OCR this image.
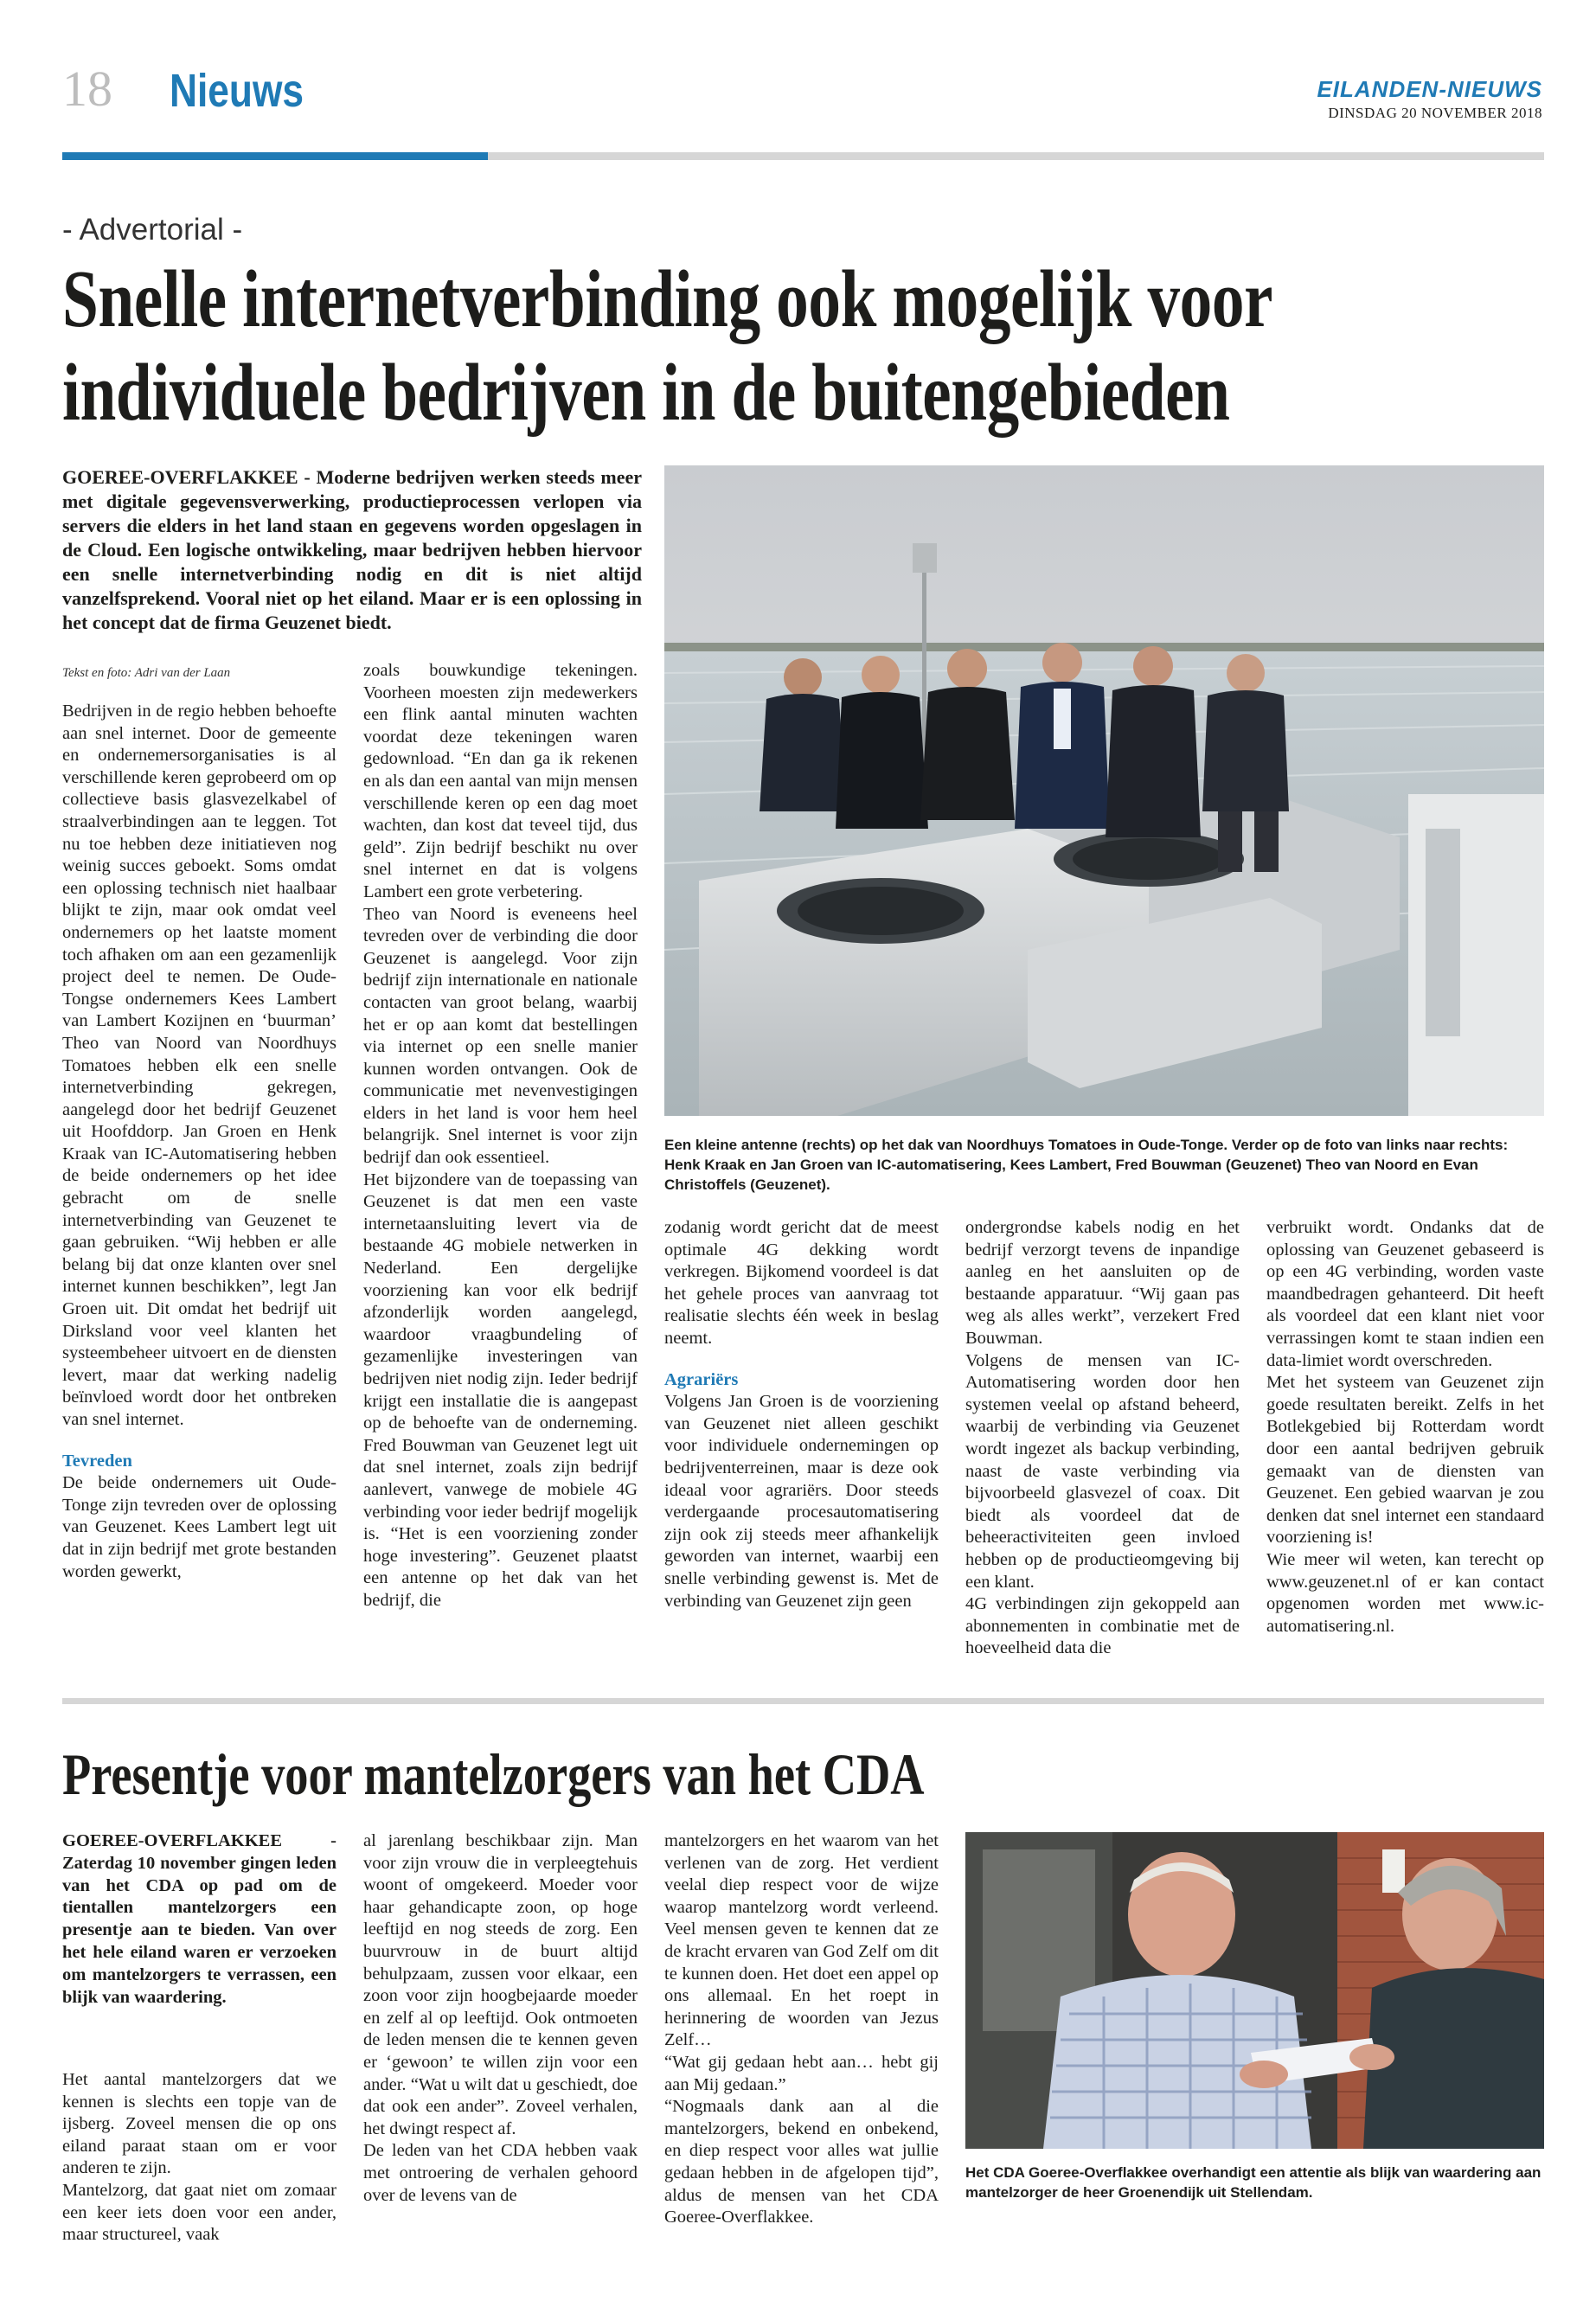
18 Nieuws	EILANDEN-NIEUWS
DINSDAG 20 NOVEMBER 2018
- Advertorial -
Snelle internetverbinding ook mogelijk voor individuele bedrijven in de buitengebieden
GOEREE-OVERFLAKKEE - Moderne bedrijven werken steeds meer met digitale gegevensverwerking, productieprocessen verlopen via servers die elders in het land staan en gegevens worden opgeslagen in de Cloud. Een logische ontwikkeling, maar bedrijven hebben hiervoor een snelle internetverbinding nodig en dit is niet altijd vanzelfsprekend. Vooral niet op het eiland. Maar er is een oplossing in het concept dat de firma Geuzenet biedt.

Tekst en foto: Adri van der Laan

Bedrijven in de regio hebben behoefte aan snel internet. Door de gemeente en ondernemersorganisaties is al verschillende keren geprobeerd om op collectieve basis glasvezelkabel of straalverbindingen aan te leggen. Tot nu toe hebben deze initiatieven nog weinig succes geboekt. Soms omdat een oplossing technisch niet haalbaar blijkt te zijn, maar ook omdat veel ondernemers op het laatste moment toch afhaken om aan een gezamenlijk project deel te nemen. De Oude-Tongse ondernemers Kees Lambert van Lambert Kozijnen en ‘buurman’ Theo van Noord van Noordhuys Tomatoes hebben elk een snelle internetverbinding gekregen, aangelegd door het bedrijf Geuzenet uit Hoofddorp. Jan Groen en Henk Kraak van IC-Automatisering hebben de beide ondernemers op het idee gebracht om de snelle internetverbinding van Geuzenet te gaan gebruiken. “Wij hebben er alle belang bij dat onze klanten over snel internet kunnen beschikken”, legt Jan Groen uit. Dit omdat het bedrijf uit Dirksland voor veel klanten het systeembeheer uitvoert en de diensten levert, maar dat werking nadelig beïnvloed wordt door het ontbreken van snel internet.

Tevreden

De beide ondernemers uit Oude-Tonge zijn tevreden over de oplossing van Geuzenet. Kees Lambert legt uit dat in zijn bedrijf met grote bestanden worden gewerkt,

zoals bouwkundige tekeningen. Voorheen moesten zijn medewerkers een flink aantal minuten wachten voordat deze tekeningen waren gedownload. “En dan ga ik rekenen en als dan een aantal van mijn mensen verschillende keren op een dag moet wachten, dan kost dat teveel tijd, dus geld”. Zijn bedrijf beschikt nu over snel internet en dat is volgens Lambert een grote verbetering.

Theo van Noord is eveneens heel tevreden over de verbinding die door Geuzenet is aangelegd. Voor zijn bedrijf zijn internationale en nationale contacten van groot belang, waarbij het er op aan komt dat bestellingen via internet op een snelle manier kunnen worden ontvangen. Ook de communicatie met nevenvestigingen elders in het land is voor hem heel belangrijk. Snel internet is voor zijn bedrijf dan ook essentieel.

Het bijzondere van de toepassing van Geuzenet is dat men een vaste internetaansluiting levert via de bestaande 4G mobiele netwerken in Nederland. Een dergelijke voorziening kan voor elk bedrijf afzonderlijk worden aangelegd, waardoor vraagbundeling of gezamenlijke investeringen van bedrijven niet nodig zijn. Ieder bedrijf krijgt een installatie die is aangepast op de behoefte van de onderneming. Fred Bouwman van Geuzenet legt uit dat snel internet, zoals zijn bedrijf aanlevert, vanwege de mobiele 4G verbinding voor ieder bedrijf mogelijk is. “Het is een voorziening zonder hoge investering”. Geuzenet plaatst een antenne op het dak van het bedrijf, die

Een kleine antenne (rechts) op het dak van Noordhuys Tomatoes in Oude-Tonge. Verder op de foto van links naar rechts: Henk Kraak en Jan Groen van IC-automatisering, Kees Lambert, Fred Bouwman (Geuzenet) Theo van Noord en Evan Christoffels (Geuzenet).

zodanig wordt gericht dat de meest optimale 4G dekking wordt verkregen. Bijkomend voordeel is dat het gehele proces van aanvraag tot realisatie slechts één week in beslag neemt.

Agrariërs

Volgens Jan Groen is de voorziening van Geuzenet niet alleen geschikt voor individuele ondernemingen op bedrijventerreinen, maar is deze ook ideaal voor agrariërs. Door steeds verdergaande procesautomatisering zijn ook zij steeds meer afhankelijk geworden van internet, waarbij een snelle verbinding gewenst is. Met de verbinding van Geuzenet zijn geen

ondergrondse kabels nodig en het bedrijf verzorgt tevens de inpandige aanleg en het aansluiten op de bestaande apparatuur. “Wij gaan pas weg als alles werkt”, verzekert Fred Bouwman.

Volgens de mensen van IC-Automatisering worden door hen systemen veelal op afstand beheerd, waarbij de verbinding via Geuzenet wordt ingezet als backup verbinding, naast de vaste verbinding via bijvoorbeeld glasvezel of coax. Dit biedt als voordeel dat de beheeractiviteiten geen invloed hebben op de productieomgeving bij een klant.

4G verbindingen zijn gekoppeld aan abonnementen in combinatie met de hoeveelheid data die

verbruikt wordt. Ondanks dat de oplossing van Geuzenet gebaseerd is op een 4G verbinding, worden vaste maandbedragen gehanteerd. Dit heeft als voordeel dat een klant niet voor verrassingen komt te staan indien een data-limiet wordt overschreden.

Met het systeem van Geuzenet zijn goede resultaten bereikt. Zelfs in het Botlekgebied bij Rotterdam wordt door een aantal bedrijven gebruik gemaakt van de diensten van Geuzenet. Een gebied waarvan je zou denken dat snel internet een standaard voorziening is!

Wie meer wil weten, kan terecht op www.geuzenet.nl of er kan contact opgenomen worden met www.ic-automatisering.nl.

Presentje voor mantelzorgers van het CDA
GOEREE-OVERFLAKKEE - Zaterdag 10 november gingen leden van het CDA op pad om de tientallen mantelzorgers een presentje aan te bieden. Van over het hele eiland waren er verzoeken om mantelzorgers te verrassen, een blijk van waardering.

Het aantal mantelzorgers dat we kennen is slechts een topje van de ijsberg. Zoveel mensen die op ons eiland paraat staan om er voor anderen te zijn.

Mantelzorg, dat gaat niet om zomaar een keer iets doen voor een ander, maar structureel, vaak

al jarenlang beschikbaar zijn. Man voor zijn vrouw die in verpleegtehuis woont of omgekeerd. Moeder voor haar gehandicapte zoon, op hoge leeftijd en nog steeds de zorg. Een buurvrouw in de buurt altijd behulpzaam, zussen voor elkaar, een zoon voor zijn hoogbejaarde moeder en zelf al op leeftijd. Ook ontmoeten de leden mensen die te kennen geven er ‘gewoon’ te willen zijn voor een ander. “Wat u wilt dat u geschiedt, doe dat ook een ander”. Zoveel verhalen, het dwingt respect af.

De leden van het CDA hebben vaak met ontroering de verhalen gehoord over de levens van de

mantelzorgers en het waarom van het verlenen van de zorg. Het verdient veelal diep respect voor de wijze waarop mantelzorg wordt verleend. Veel mensen geven te kennen dat ze de kracht ervaren van God Zelf om dit te kunnen doen. Het doet een appel op ons allemaal. En het roept in herinnering de woorden van Jezus Zelf…

“Wat gij gedaan hebt aan… hebt gij aan Mij gedaan.”

“Nogmaals dank aan al die mantelzorgers, bekend en onbekend, en diep respect voor alles wat jullie gedaan hebben in de afgelopen tijd”, aldus de mensen van het CDA Goeree-Overflakkee.

Het CDA Goeree-Overflakkee overhandigt een attentie als blijk van waardering aan mantelzorger de heer Groenendijk uit Stellendam.
